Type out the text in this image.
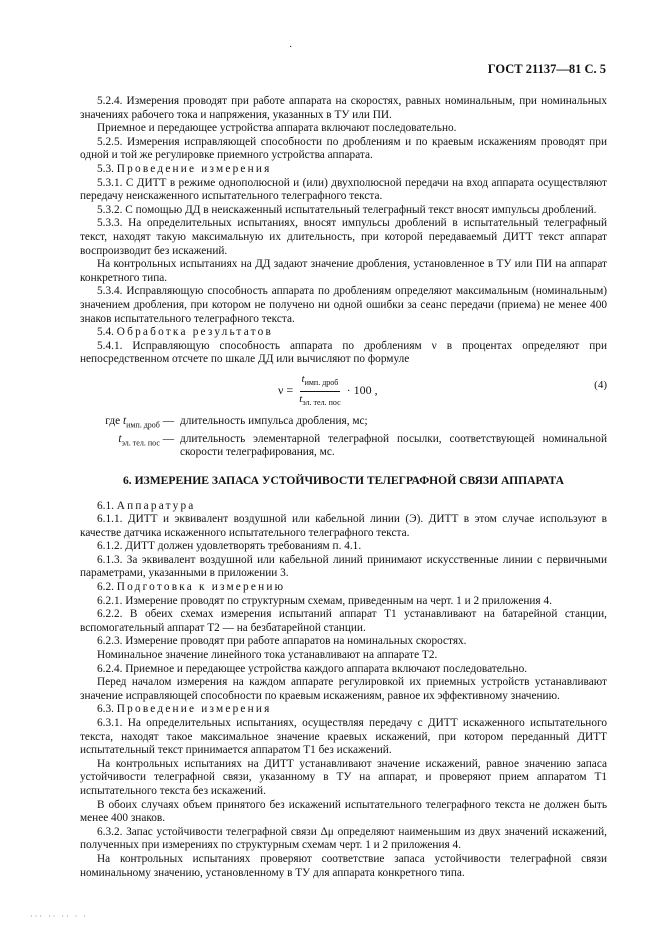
·
ГОСТ 21137—81 С. 5

5.2.4. Измерения проводят при работе аппарата на скоростях, равных номинальным, при номинальных значениях рабочего тока и напряжения, указанных в ТУ или ПИ.

Приемное и передающее устройства аппарата включают последовательно.

5.2.5. Измерения исправляющей способности по дроблениям и по краевым искажениям проводят при одной и той же регулировке приемного устройства аппарата.

5.3. Проведение измерения

5.3.1. С ДИТТ в режиме однополюсной и (или) двухполюсной передачи на вход аппарата осуществляют передачу неискаженного испытательного телеграфного текста.

5.3.2. С помощью ДД в неискаженный испытательный телеграфный текст вносят импульсы дроблений.

5.3.3. На определительных испытаниях, вносят импульсы дроблений в испытательный телеграфный текст, находят такую максимальную их длительность, при которой передаваемый ДИТТ текст аппарат воспроизводит без искажений.

На контрольных испытаниях на ДД задают значение дробления, установленное в ТУ или ПИ на аппарат конкретного типа.

5.3.4. Исправляющую способность аппарата по дроблениям определяют максимальным (номинальным) значением дробления, при котором не получено ни одной ошибки за сеанс передачи (приема) не менее 400 знаков испытательного телеграфного текста.

5.4. Обработка результатов

5.4.1. Исправляющую способность аппарата по дроблениям ν в процентах определяют при непосредственном отсчете по шкале ДД или вычисляют по формуле

$\nu = \frac{t_{имп. дроб}}{t_{эл. тел. пос}} \cdot 100$ ,	(4)
где $t_{имп. дроб}$ — длительность импульса дробления, мс;
$t_{эл. тел. пос}$ — длительность элементарной телеграфной посылки, соответствующей номинальной скорости телеграфирования, мс.
6. ИЗМЕРЕНИЕ ЗАПАСА УСТОЙЧИВОСТИ ТЕЛЕГРАФНОЙ СВЯЗИ АППАРАТА

6.1. Аппаратура

6.1.1. ДИТТ и эквивалент воздушной или кабельной линии (Э). ДИТТ в этом случае используют в качестве датчика искаженного испытательного телеграфного текста.

6.1.2. ДИТТ должен удовлетворять требованиям п. 4.1.

6.1.3. За эквивалент воздушной или кабельной линий принимают искусственные линии с первичными параметрами, указанными в приложении 3.

6.2. Подготовка к измерению

6.2.1. Измерение проводят по структурным схемам, приведенным на черт. 1 и 2 приложения 4.

6.2.2. В обеих схемах измерения испытаний аппарат Т1 устанавливают на батарейной станции, вспомогательный аппарат Т2 — на безбатарейной станции.

6.2.3. Измерение проводят при работе аппаратов на номинальных скоростях.

Номинальное значение линейного тока устанавливают на аппарате Т2.

6.2.4. Приемное и передающее устройства каждого аппарата включают последовательно.

Перед началом измерения на каждом аппарате регулировкой их приемных устройств устанавливают значение исправляющей способности по краевым искажениям, равное их эффективному значению.

6.3. Проведение измерения

6.3.1. На определительных испытаниях, осуществляя передачу с ДИТТ искаженного испытательного текста, находят такое максимальное значение краевых искажений, при котором переданный ДИТТ испытательный текст принимается аппаратом Т1 без искажений.

На контрольных испытаниях на ДИТТ устанавливают значение искажений, равное значению запаса устойчивости телеграфной связи, указанному в ТУ на аппарат, и проверяют прием аппаратом Т1 испытательного текста без искажений.

В обоих случаях объем принятого без искажений испытательного телеграфного текста не должен быть менее 400 знаков.

6.3.2. Запас устойчивости телеграфной связи Δμ определяют наименьшим из двух значений искажений, полученных при измерениях по структурным схемам черт. 1 и 2 приложения 4.

На контрольных испытаниях проверяют соответствие запаса устойчивости телеграфной связи номинальному значению, установленному в ТУ для аппарата конкретного типа.

··· ·· ·· · ·
